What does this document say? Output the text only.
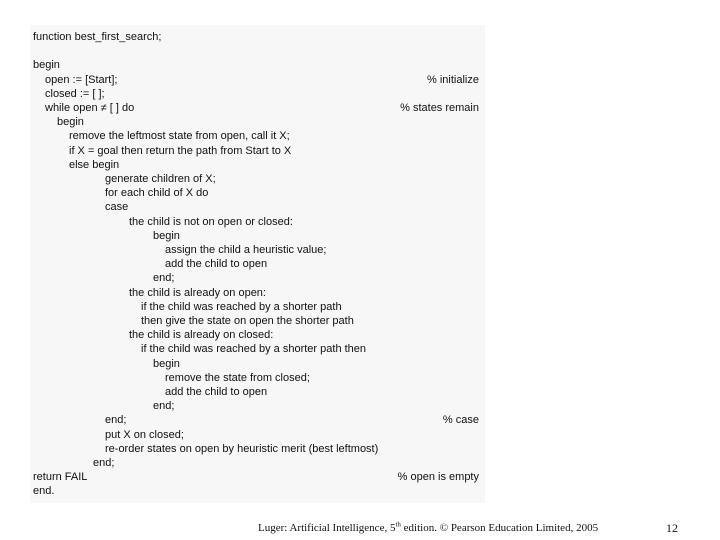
function best_first_search;
begin
open := [Start];
closed := [ ];
while open ≠ [ ] do
begin
remove the leftmost state from open, call it X;
if X = goal then return the path from Start to X
else begin
generate children of X;
for each child of X do
case
the child is not on open or closed:
begin
assign the child a heuristic value;
add the child to open
end;
the child is already on open:
if the child was reached by a shorter path
then give the state on open the shorter path
the child is already on closed:
if the child was reached by a shorter path then
begin
remove the state from closed;
add the child to open
end;
end;
put X on closed;
re-order states on open by heuristic merit (best leftmost)
end;
return FAIL
end.
% initialize
% states remain
% case
% open is empty
Luger: Artificial Intelligence, 5th edition. © Pearson Education Limited, 2005	12
